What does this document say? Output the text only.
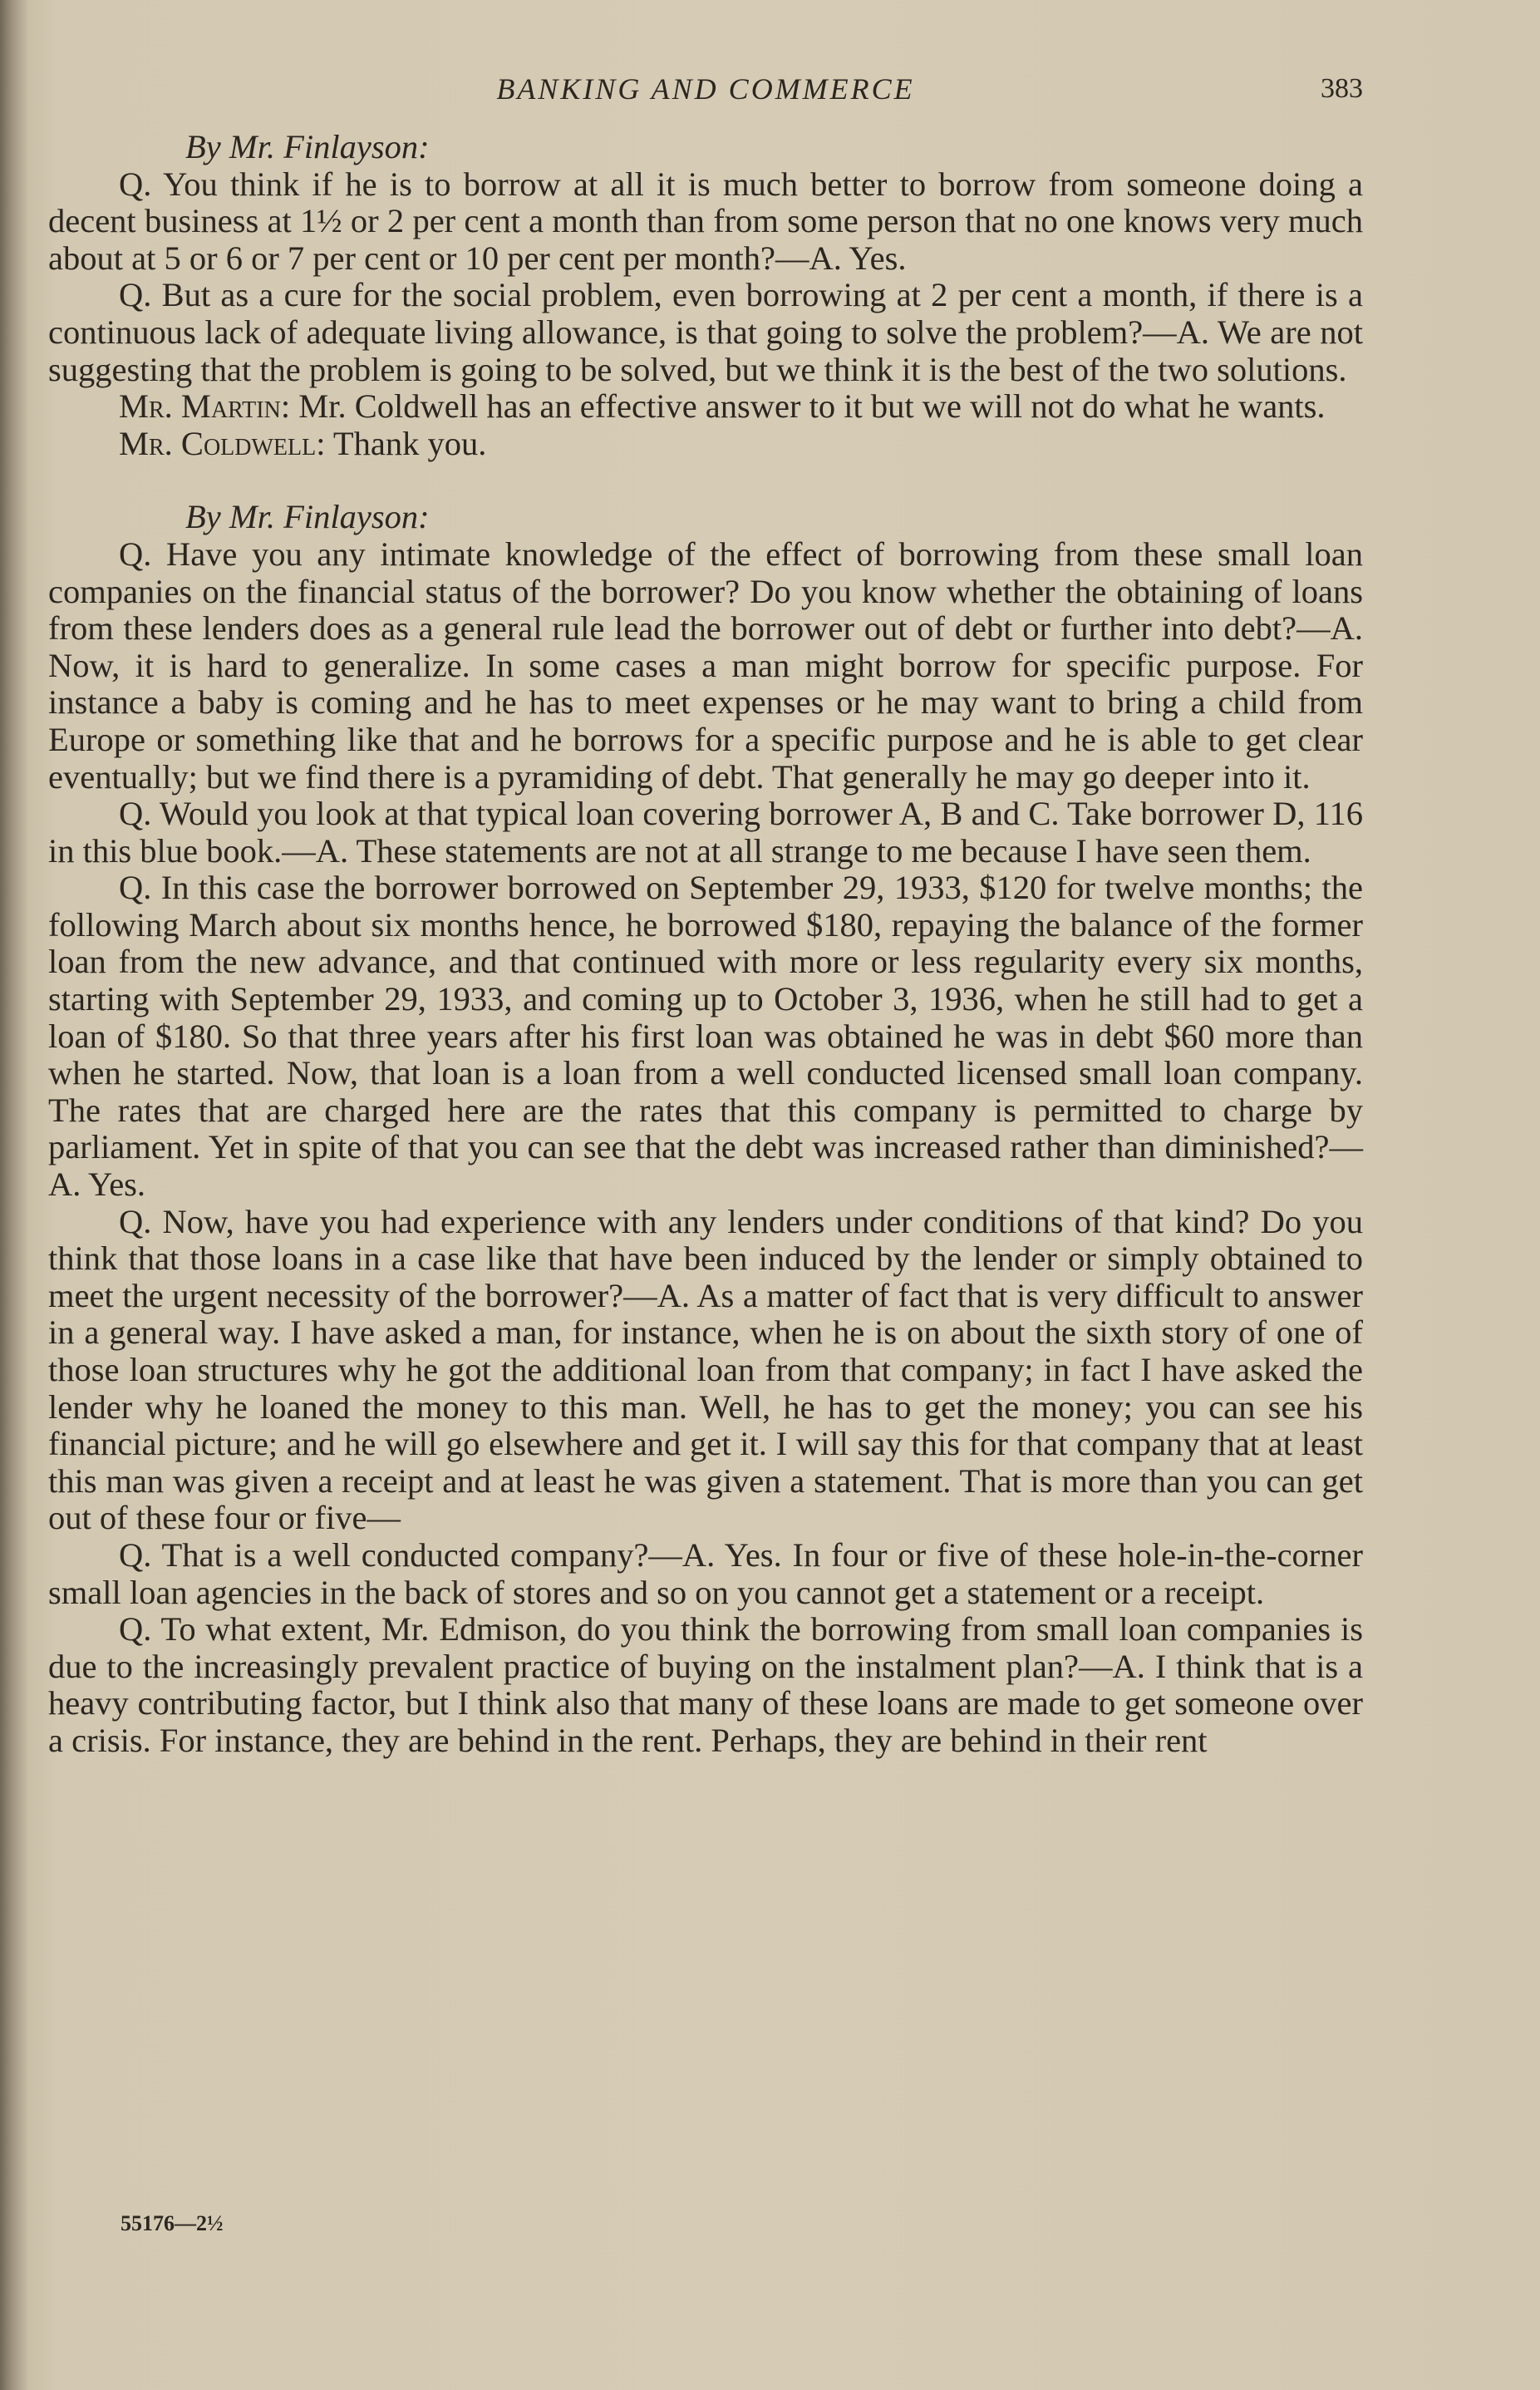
BANKING AND COMMERCE	383

By Mr. Finlayson:

Q. You think if he is to borrow at all it is much better to borrow from someone doing a decent business at 1½ or 2 per cent a month than from some person that no one knows very much about at 5 or 6 or 7 per cent or 10 per cent per month?—A. Yes.

Q. But as a cure for the social problem, even borrowing at 2 per cent a month, if there is a continuous lack of adequate living allowance, is that going to solve the problem?—A. We are not suggesting that the problem is going to be solved, but we think it is the best of the two solutions.

Mr. Martin: Mr. Coldwell has an effective answer to it but we will not do what he wants.

Mr. Coldwell: Thank you.

By Mr. Finlayson:

Q. Have you any intimate knowledge of the effect of borrowing from these small loan companies on the financial status of the borrower? Do you know whether the obtaining of loans from these lenders does as a general rule lead the borrower out of debt or further into debt?—A. Now, it is hard to generalize. In some cases a man might borrow for specific purpose. For instance a baby is coming and he has to meet expenses or he may want to bring a child from Europe or something like that and he borrows for a specific purpose and he is able to get clear eventually; but we find there is a pyramiding of debt. That generally he may go deeper into it.

Q. Would you look at that typical loan covering borrower A, B and C. Take borrower D, 116 in this blue book.—A. These statements are not at all strange to me because I have seen them.

Q. In this case the borrower borrowed on September 29, 1933, $120 for twelve months; the following March about six months hence, he borrowed $180, repaying the balance of the former loan from the new advance, and that continued with more or less regularity every six months, starting with September 29, 1933, and coming up to October 3, 1936, when he still had to get a loan of $180. So that three years after his first loan was obtained he was in debt $60 more than when he started. Now, that loan is a loan from a well conducted licensed small loan company. The rates that are charged here are the rates that this company is permitted to charge by parliament. Yet in spite of that you can see that the debt was increased rather than diminished?—A. Yes.

Q. Now, have you had experience with any lenders under conditions of that kind? Do you think that those loans in a case like that have been induced by the lender or simply obtained to meet the urgent necessity of the borrower?—A. As a matter of fact that is very difficult to answer in a general way. I have asked a man, for instance, when he is on about the sixth story of one of those loan structures why he got the additional loan from that company; in fact I have asked the lender why he loaned the money to this man. Well, he has to get the money; you can see his financial picture; and he will go elsewhere and get it. I will say this for that company that at least this man was given a receipt and at least he was given a statement. That is more than you can get out of these four or five—

Q. That is a well conducted company?—A. Yes. In four or five of these hole-in-the-corner small loan agencies in the back of stores and so on you cannot get a statement or a receipt.

Q. To what extent, Mr. Edmison, do you think the borrowing from small loan companies is due to the increasingly prevalent practice of buying on the instalment plan?—A. I think that is a heavy contributing factor, but I think also that many of these loans are made to get someone over a crisis. For instance, they are behind in the rent. Perhaps, they are behind in their rent

55176—2½
